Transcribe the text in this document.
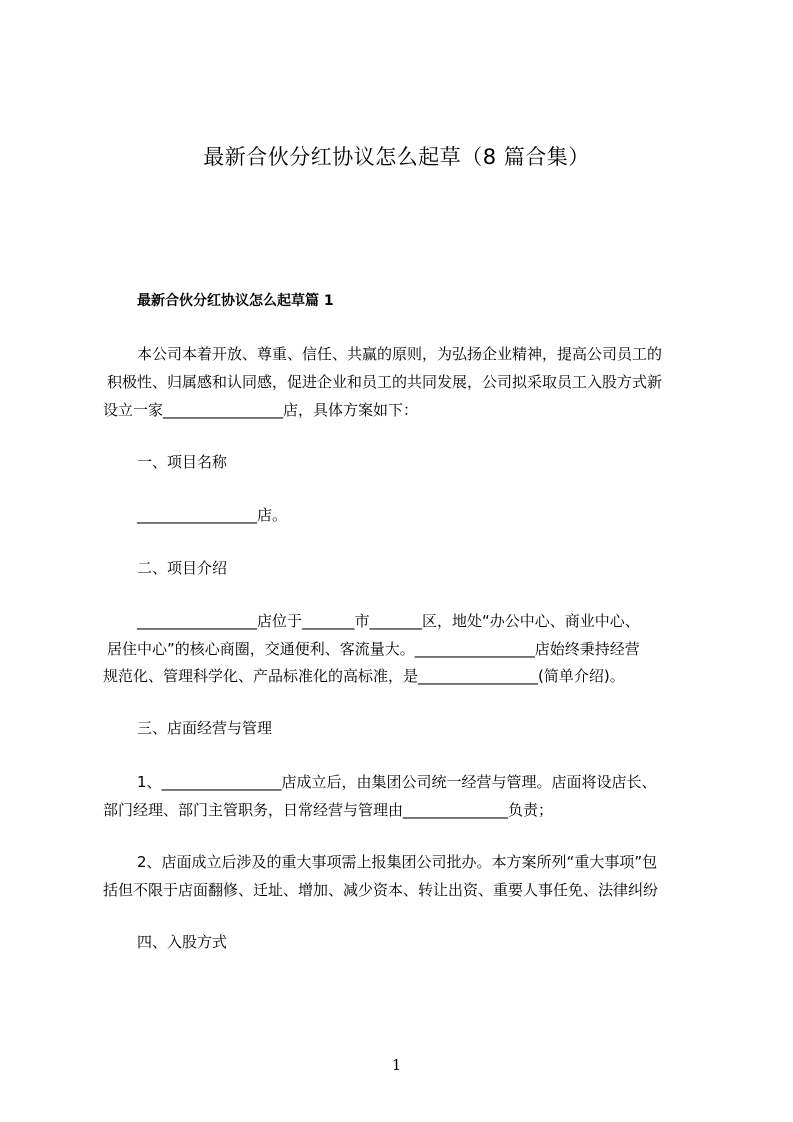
最新合伙分红协议怎么起草（8 篇合集）
最新合伙分红协议怎么起草篇 1
本公司本着开放、尊重、信任、共赢的原则，为弘扬企业精神，提高公司员工的
积极性、归属感和认同感，促进企业和员工的共同发展，公司拟采取员工入股方式新
设立一家________________店，具体方案如下：
一、项目名称
________________店。
二、项目介绍
________________店位于_______市_______区，地处“办公中心、商业中心、
居住中心”的核心商圈，交通便利、客流量大。________________店始终秉持经营
规范化、管理科学化、产品标准化的高标准，是________________(简单介绍)。
三、店面经营与管理
1、________________店成立后，由集团公司统一经营与管理。店面将设店长、
部门经理、部门主管职务，日常经营与管理由______________负责；
2、店面成立后涉及的重大事项需上报集团公司批办。本方案所列“重大事项”包
括但不限于店面翻修、迁址、增加、减少资本、转让出资、重要人事任免、法律纠纷
四、入股方式
1
